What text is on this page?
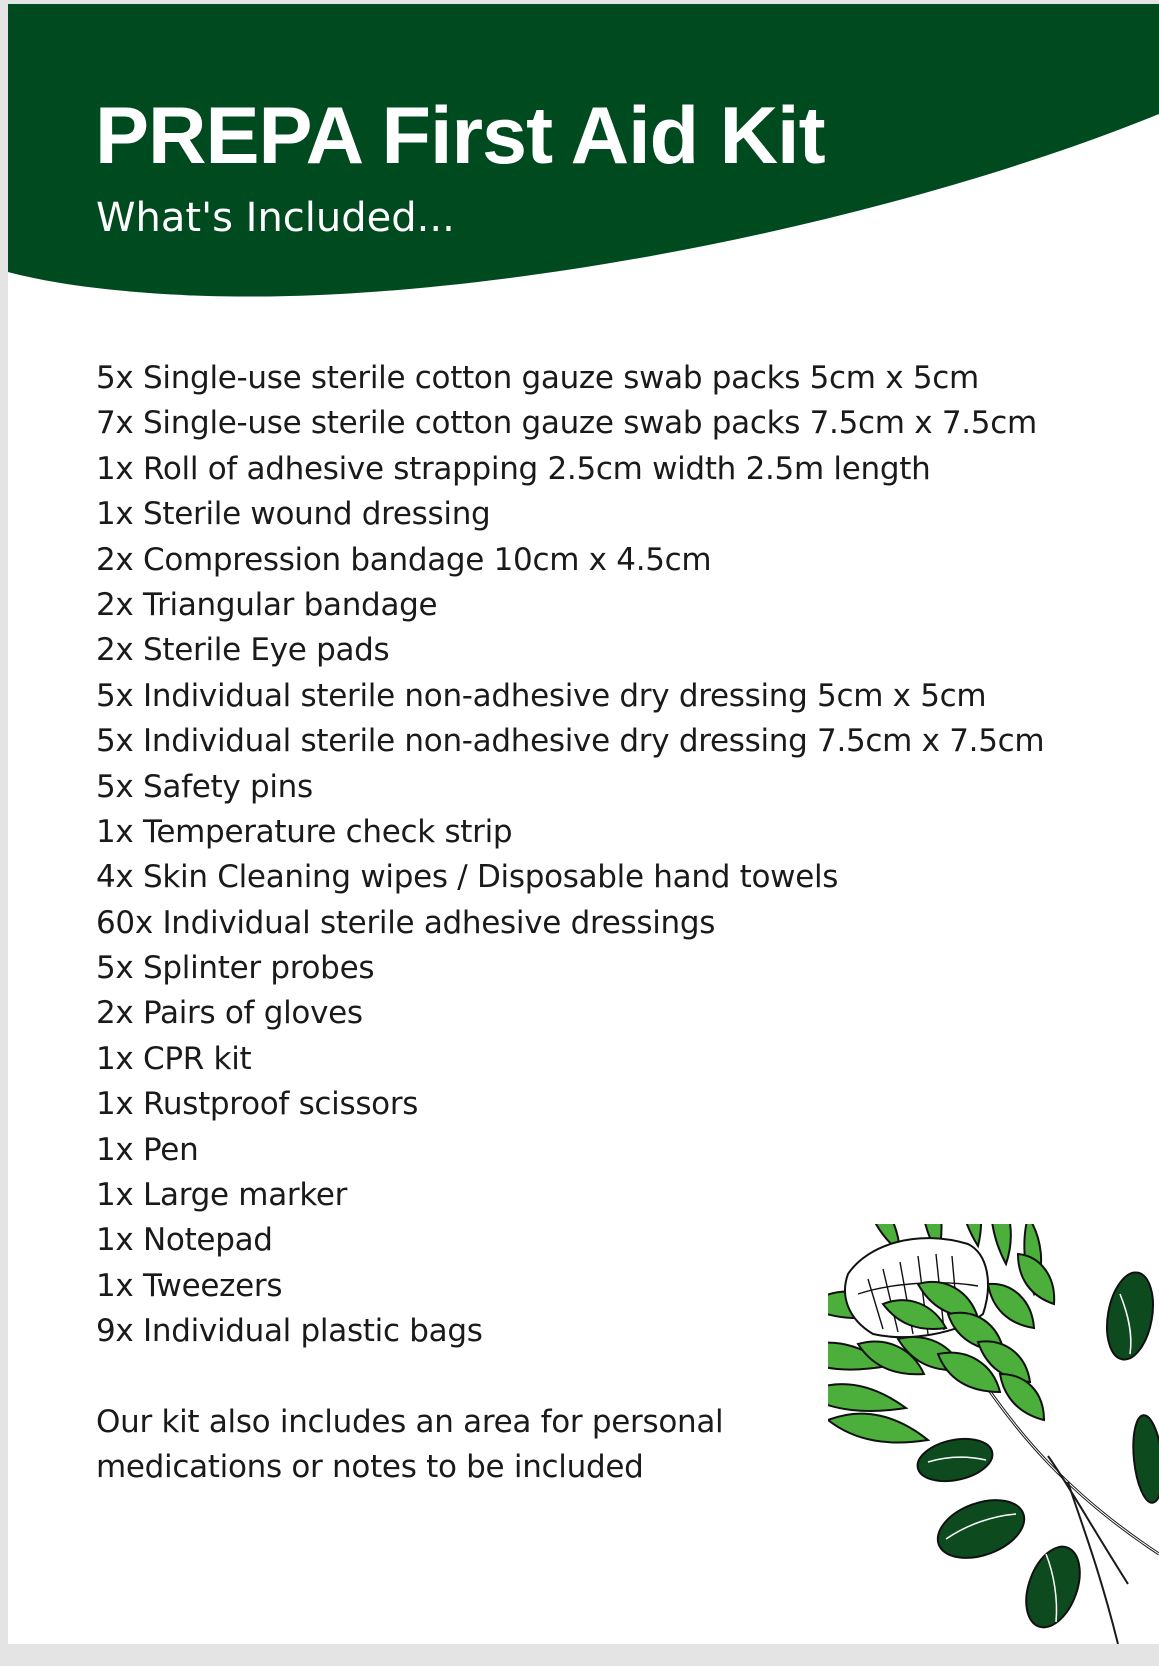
PREPA First Aid Kit

What's Included...

5x Single-use sterile cotton gauze swab packs 5cm x 5cm
7x Single-use sterile cotton gauze swab packs 7.5cm x 7.5cm
1x Roll of adhesive strapping 2.5cm width 2.5m length
1x Sterile wound dressing
2x Compression bandage 10cm x 4.5cm
2x Triangular bandage
2x Sterile Eye pads
5x Individual sterile non-adhesive dry dressing 5cm x 5cm
5x Individual sterile non-adhesive dry dressing 7.5cm x 7.5cm
5x Safety pins
1x Temperature check strip
4x Skin Cleaning wipes / Disposable hand towels
60x Individual sterile adhesive dressings
5x Splinter probes
2x Pairs of gloves
1x CPR kit
1x Rustproof scissors
1x Pen
1x Large marker
1x Notepad
1x Tweezers
9x Individual plastic bags

Our kit also includes an area for personal medications or notes to be included
